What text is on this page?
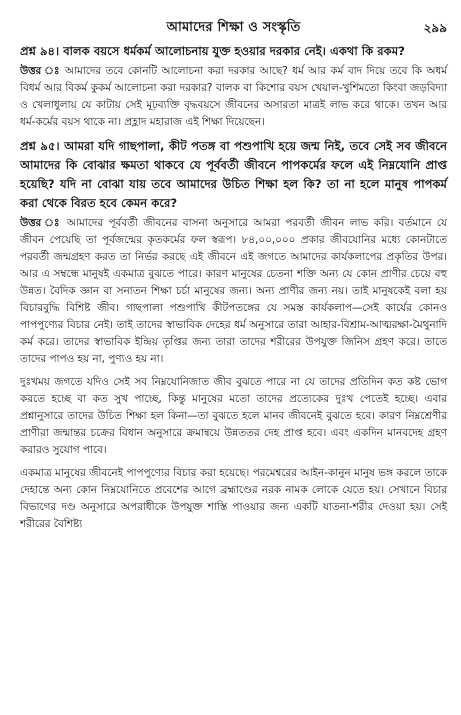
আমাদের শিক্ষা ও সংস্কৃতি	২৯৯

প্রশ্ন ৯৪। বালক বয়সে ধর্মকর্ম আলোচনায় যুক্ত হওয়ার দরকার নেই। একথা কি রকম?

উত্তর ঃ আমাদের তবে কোনটি আলোচনা করা দরকার আছে? ধর্ম আর কর্ম বাদ দিয়ে তবে কি অধর্ম বিধর্ম আর বিকর্ম কুকর্ম আলোচনা করা দরকার? বালক বা কিশোর বয়স খেয়াল-খুশিমতো কিংবা জড়বিদ্যা ও খেলাধুলায় যে কাটায় সেই মূঢ়ব্যক্তি বৃদ্ধবয়সে জীবনের অসারতা মাত্রই লাভ করে থাকে। তখন আর ধর্ম-কর্মের বয়স থাকে না। প্রহ্লাদ মহারাজ এই শিক্ষা দিয়েছেন।

প্রশ্ন ৯৫। আমরা যদি গাছপালা, কীট পতঙ্গ বা পশুপাখি হয়ে জন্ম নিই, তবে সেই সব জীবনে আমাদের কি বোঝার ক্ষমতা থাকবে যে পূর্ববর্তী জীবনে পাপকর্মের ফলে এই নিম্নযোনি প্রাপ্ত হয়েছি? যদি না বোঝা যায় তবে আমাদের উচিত শিক্ষা হল কি? তা না হলে মানুষ পাপকর্ম করা থেকে বিরত হবে কেমন করে?

উত্তর ঃ আমাদের পূর্ববর্তী জীবনের বাসনা অনুসারে আমরা পরবর্তী জীবন লাভ করি। বর্তমানে যে জীবন পেয়েছি তা পূর্বজন্মের কৃতকর্মের ফল স্বরূপ। ৮৪,০০,০০০ প্রকার জীবযোনির মধ্যে কোনটাতে পরবর্তী জন্মগ্রহণ করত তা নির্ভর করছে এই জীবনে এই জগতে আমাদের কার্যকলাপের প্রকৃতির উপর। আর এ সম্বন্ধে মানুষই একমাত্র বুঝতে পারে। কারণ মানুষের চেতনা শক্তি অন্য যে কোন প্রাণীর চেয়ে বহু উন্নত। বৈদিক জ্ঞান বা সনাতন শিক্ষা চর্চা মানুষের জন্য। অন্য প্রাণীর জন্য নয়। তাই মানুষকেই বলা হয় বিচারবুদ্ধি বিশিষ্ট জীব। গাছপালা পশুপাখি কীটপতঙ্গের যে সমস্ত কার্যকলাপ—সেই কার্যের কোনও পাপপুণ্যের বিচার নেই। তাই তাদের স্বাভাবিক দেহের ধর্ম অনুসারে তারা আহার-বিশ্রাম-আত্মরক্ষা-মৈথুনাদি কর্ম করে। তাদের স্বাভাবিক ইন্দ্রিয় তৃপ্তির জন্য তারা তাদের শরীরের উপযুক্ত জিনিস গ্রহণ করে। তাতে তাদের পাপও হয় না, পুণ্যও হয় না।

দুঃখময় জগতে যদিও সেই সব নিম্নযোনিজাত জীব বুঝতে পারে না যে তাদের প্রতিদিন কত কষ্ট ভোগ করতে হচ্ছে বা কত সুখ পাচ্ছে, কিন্তু মানুষের মতো তাদের প্রত্যেকের দুঃখ পেতেই হচ্ছে। এবার প্রশ্নানুসারে তাদের উচিত শিক্ষা হল কিনা—তা বুঝতে হলে মানব জীবনেই বুঝতে হবে। কারণ নিম্নশ্রেণীর প্রাণীরা জন্মান্তর চক্রের বিধান অনুসারে ক্রমান্বয়ে উন্নততর দেহ প্রাপ্ত হবে। এবং একদিন মানবদেহ গ্রহণ করারও সুযোগ পাবে।

একমাত্র মানুষের জীবনেই পাপপুণ্যের বিচার করা হয়েছে। পরমেশ্বরের আইন-কানুন মানুষ ভঙ্গ করলে তাকে দেহান্তে অন্য কোন নিম্নযোনিতে প্রবেশের আগে ব্রহ্মাণ্ডের নরক নামক লোকে যেতে হয়। সেখানে বিচার বিভাগের দণ্ড অনুসারে অপরাধীকে উপযুক্ত শাস্তি পাওয়ার জন্য একটি যাতনা-শরীর দেওয়া হয়। সেই শরীরের বৈশিষ্ট্য
